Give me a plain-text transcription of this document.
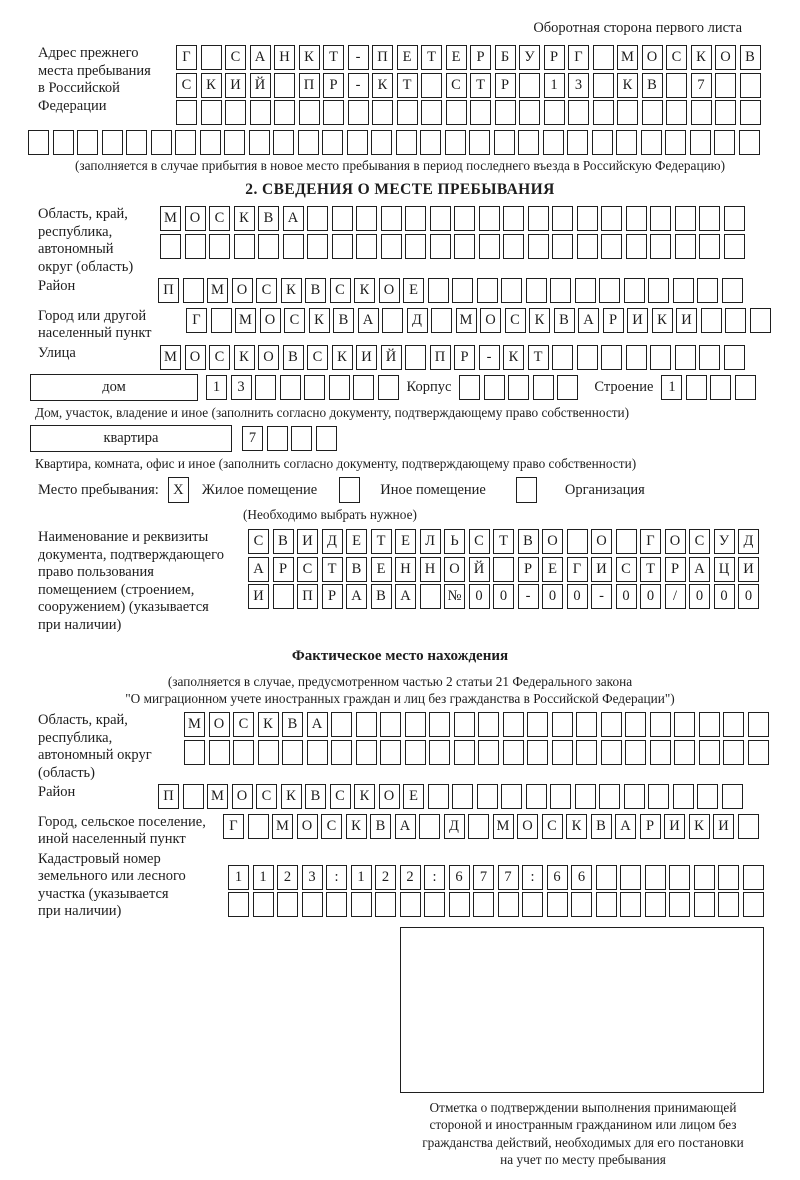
Оборотная сторона первого листа
Адрес прежнего
места пребывания
в Российской
Федерации
Г	С А Н К	Т	-	П	Е	Т	Е	Р	Б	У	Р	Г	М О С	К О В
С	К И Й	П	Р	-	К	Т	С	Т	Р	1	3	К	В	7
(заполняется в случае прибытия в новое место пребывания в период последнего въезда в Российскую Федерацию)
2. СВЕДЕНИЯ О МЕСТЕ ПРЕБЫВАНИЯ
Область, край,
республика,
автономный
округ (область)
М О С	К	В А
Район	П	М О С	К	В	С	К О	Е
Город или другой
населенный пункт
Г	М О С	К	В А	Д	М О С	К	В А	Р	И К И
Улица	М О С	К О В	С	К И Й	П	Р	-	К	Т
дом	1	3	Корпус	Строение	1
Дом, участок, владение и иное (заполнить согласно документу, подтверждающему право собственности)
квартира	7
Квартира, комната, офис и иное (заполнить согласно документу, подтверждающему право собственности)
Место пребывания: X	Жилое помещение	Иное помещение	Организация
(Необходимо выбрать нужное)
Наименование и реквизиты
документа, подтверждающего
право пользования
помещением (строением,
сооружением) (указывается
при наличии)
С	В И Д	Е	Т	Е	Л	Ь	С	Т	В О	О	Г	О С	У Д
А	Р	С	Т	В	Е	Н Н О Й	Р	Е	Г	И С	Т	Р	А Ц И
И	П	Р	А В А	№ 0	0	-	0	0	-	0	0	/	0	0	0
Фактическое место нахождения
(заполняется в случае, предусмотренном частью 2 статьи 21 Федерального закона
"О миграционном учете иностранных граждан и лиц без гражданства в Российской Федерации")
Область, край,
республика,
автономный округ
(область)
М О С	К	В А
Район	П	М О С	К	В	С	К О	Е
Город, сельское поселение,
иной населенный пункт
Г	М О С	К	В А	Д	М О С	К	В А	Р	И К И
Кадастровый номер
земельного или лесного
участка (указывается
при наличии)
1	1	2	3	:	1	2	2	:	6	7	7	:	6	6
Отметка о подтверждении выполнения принимающей
стороной и иностранным гражданином или лицом без
гражданства действий, необходимых для его постановки
на учет по месту пребывания
